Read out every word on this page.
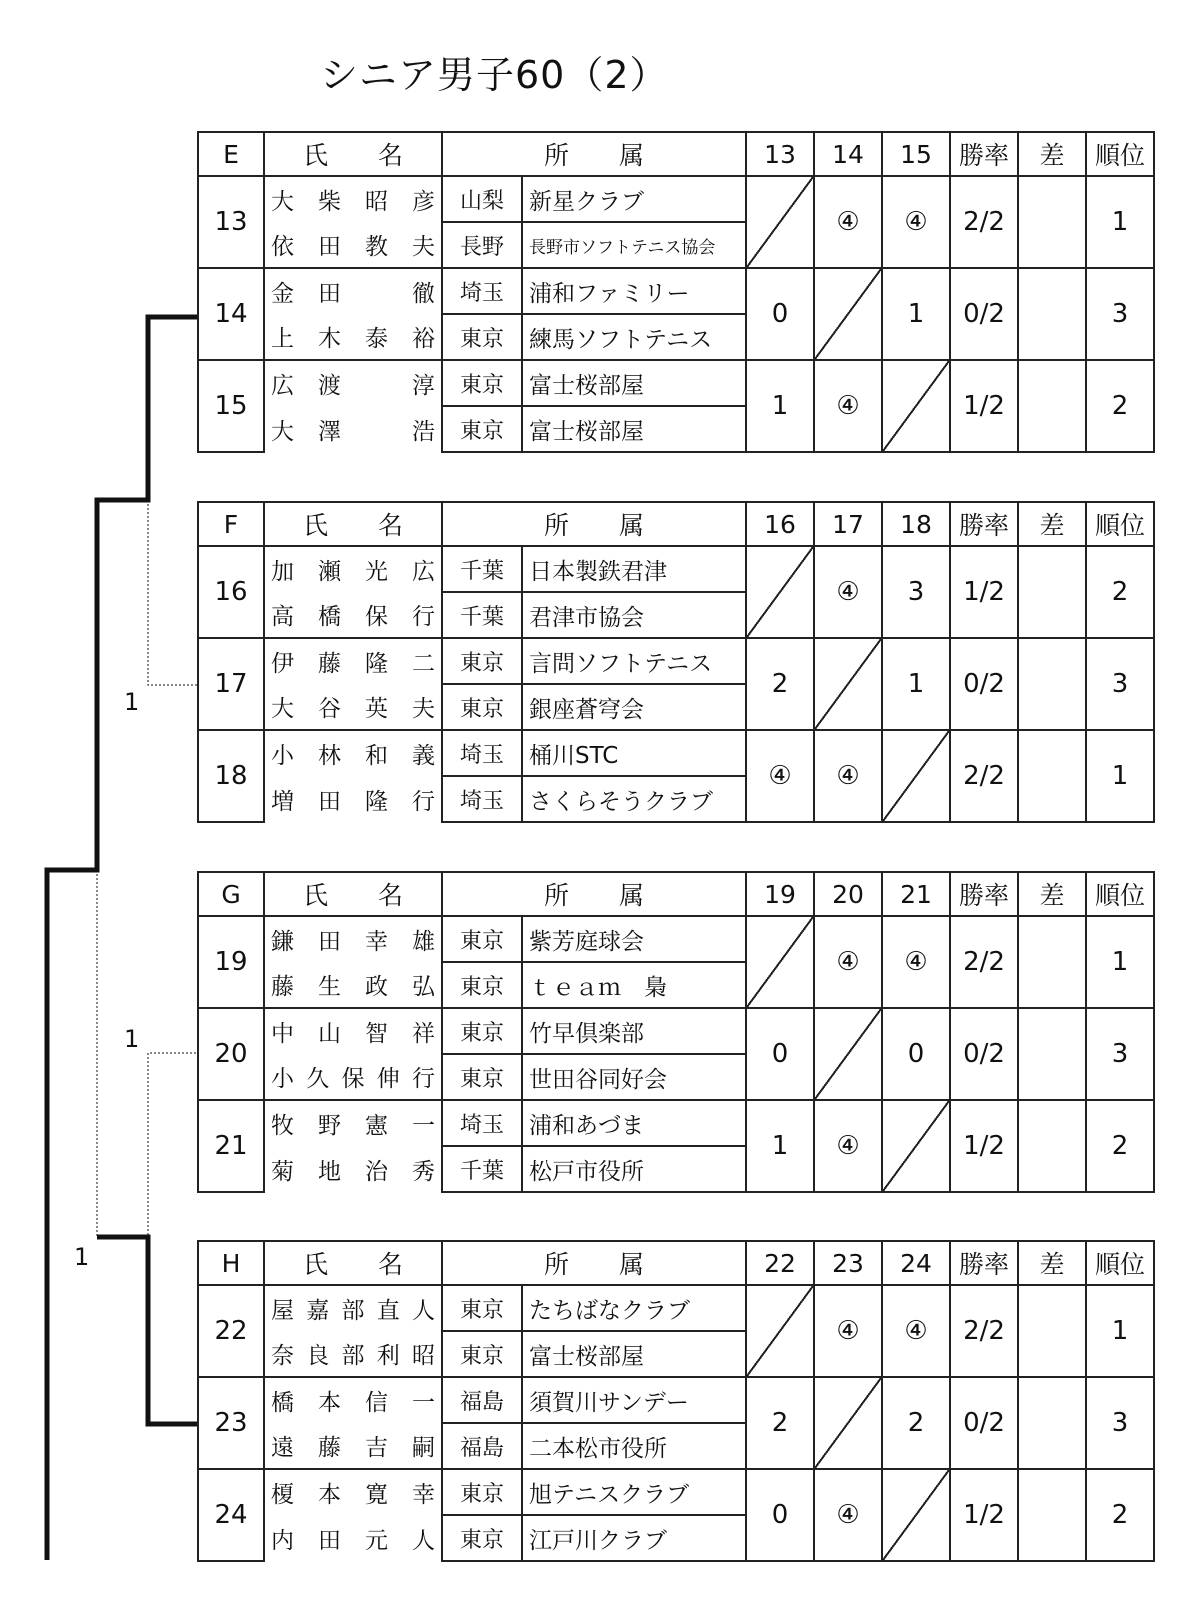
シニア男子60（2）
1
1
1
E	氏　　名	所　　属		13	14	15	勝率	差	順位
13	大柴昭彦	山梨	新星クラブ		④	④	2/2		1
	依田教夫	長野	長野市ソフトテニス協会						
14	金田　徹	埼玉	浦和ファミリー	0		1	0/2		3
	上木泰裕	東京	練馬ソフトテニス						
15	広渡　淳	東京	富士桜部屋	1	④		1/2		2
	大澤　浩	東京	富士桜部屋						
F	氏　　名	所　　属		16	17	18	勝率	差	順位
16	加瀬光広	千葉	日本製鉄君津		④	3	1/2		2
	高橋保行	千葉	君津市協会						
17	伊藤隆二	東京	言問ソフトテニス	2		1	0/2		3
	大谷英夫	東京	銀座蒼穹会						
18	小林和義	埼玉	桶川STC	④	④		2/2		1
	増田隆行	埼玉	さくらそうクラブ						
G	氏　　名	所　　属		19	20	21	勝率	差	順位
19	鎌田幸雄	東京	紫芳庭球会		④	④	2/2		1
	藤生政弘	東京	ｔｅａｍ　梟						
20	中山智祥	東京	竹早倶楽部	0		0	0/2		3
	小久保伸行	東京	世田谷同好会						
21	牧野憲一	埼玉	浦和あづま	1	④		1/2		2
	菊地治秀	千葉	松戸市役所						
H	氏　　名	所　　属		22	23	24	勝率	差	順位
22	屋嘉部直人	東京	たちばなクラブ		④	④	2/2		1
	奈良部利昭	東京	富士桜部屋						
23	橋本信一	福島	須賀川サンデー	2		2	0/2		3
	遠藤吉嗣	福島	二本松市役所						
24	榎本寛幸	東京	旭テニスクラブ	0	④		1/2		2
	内田元人	東京	江戸川クラブ						
